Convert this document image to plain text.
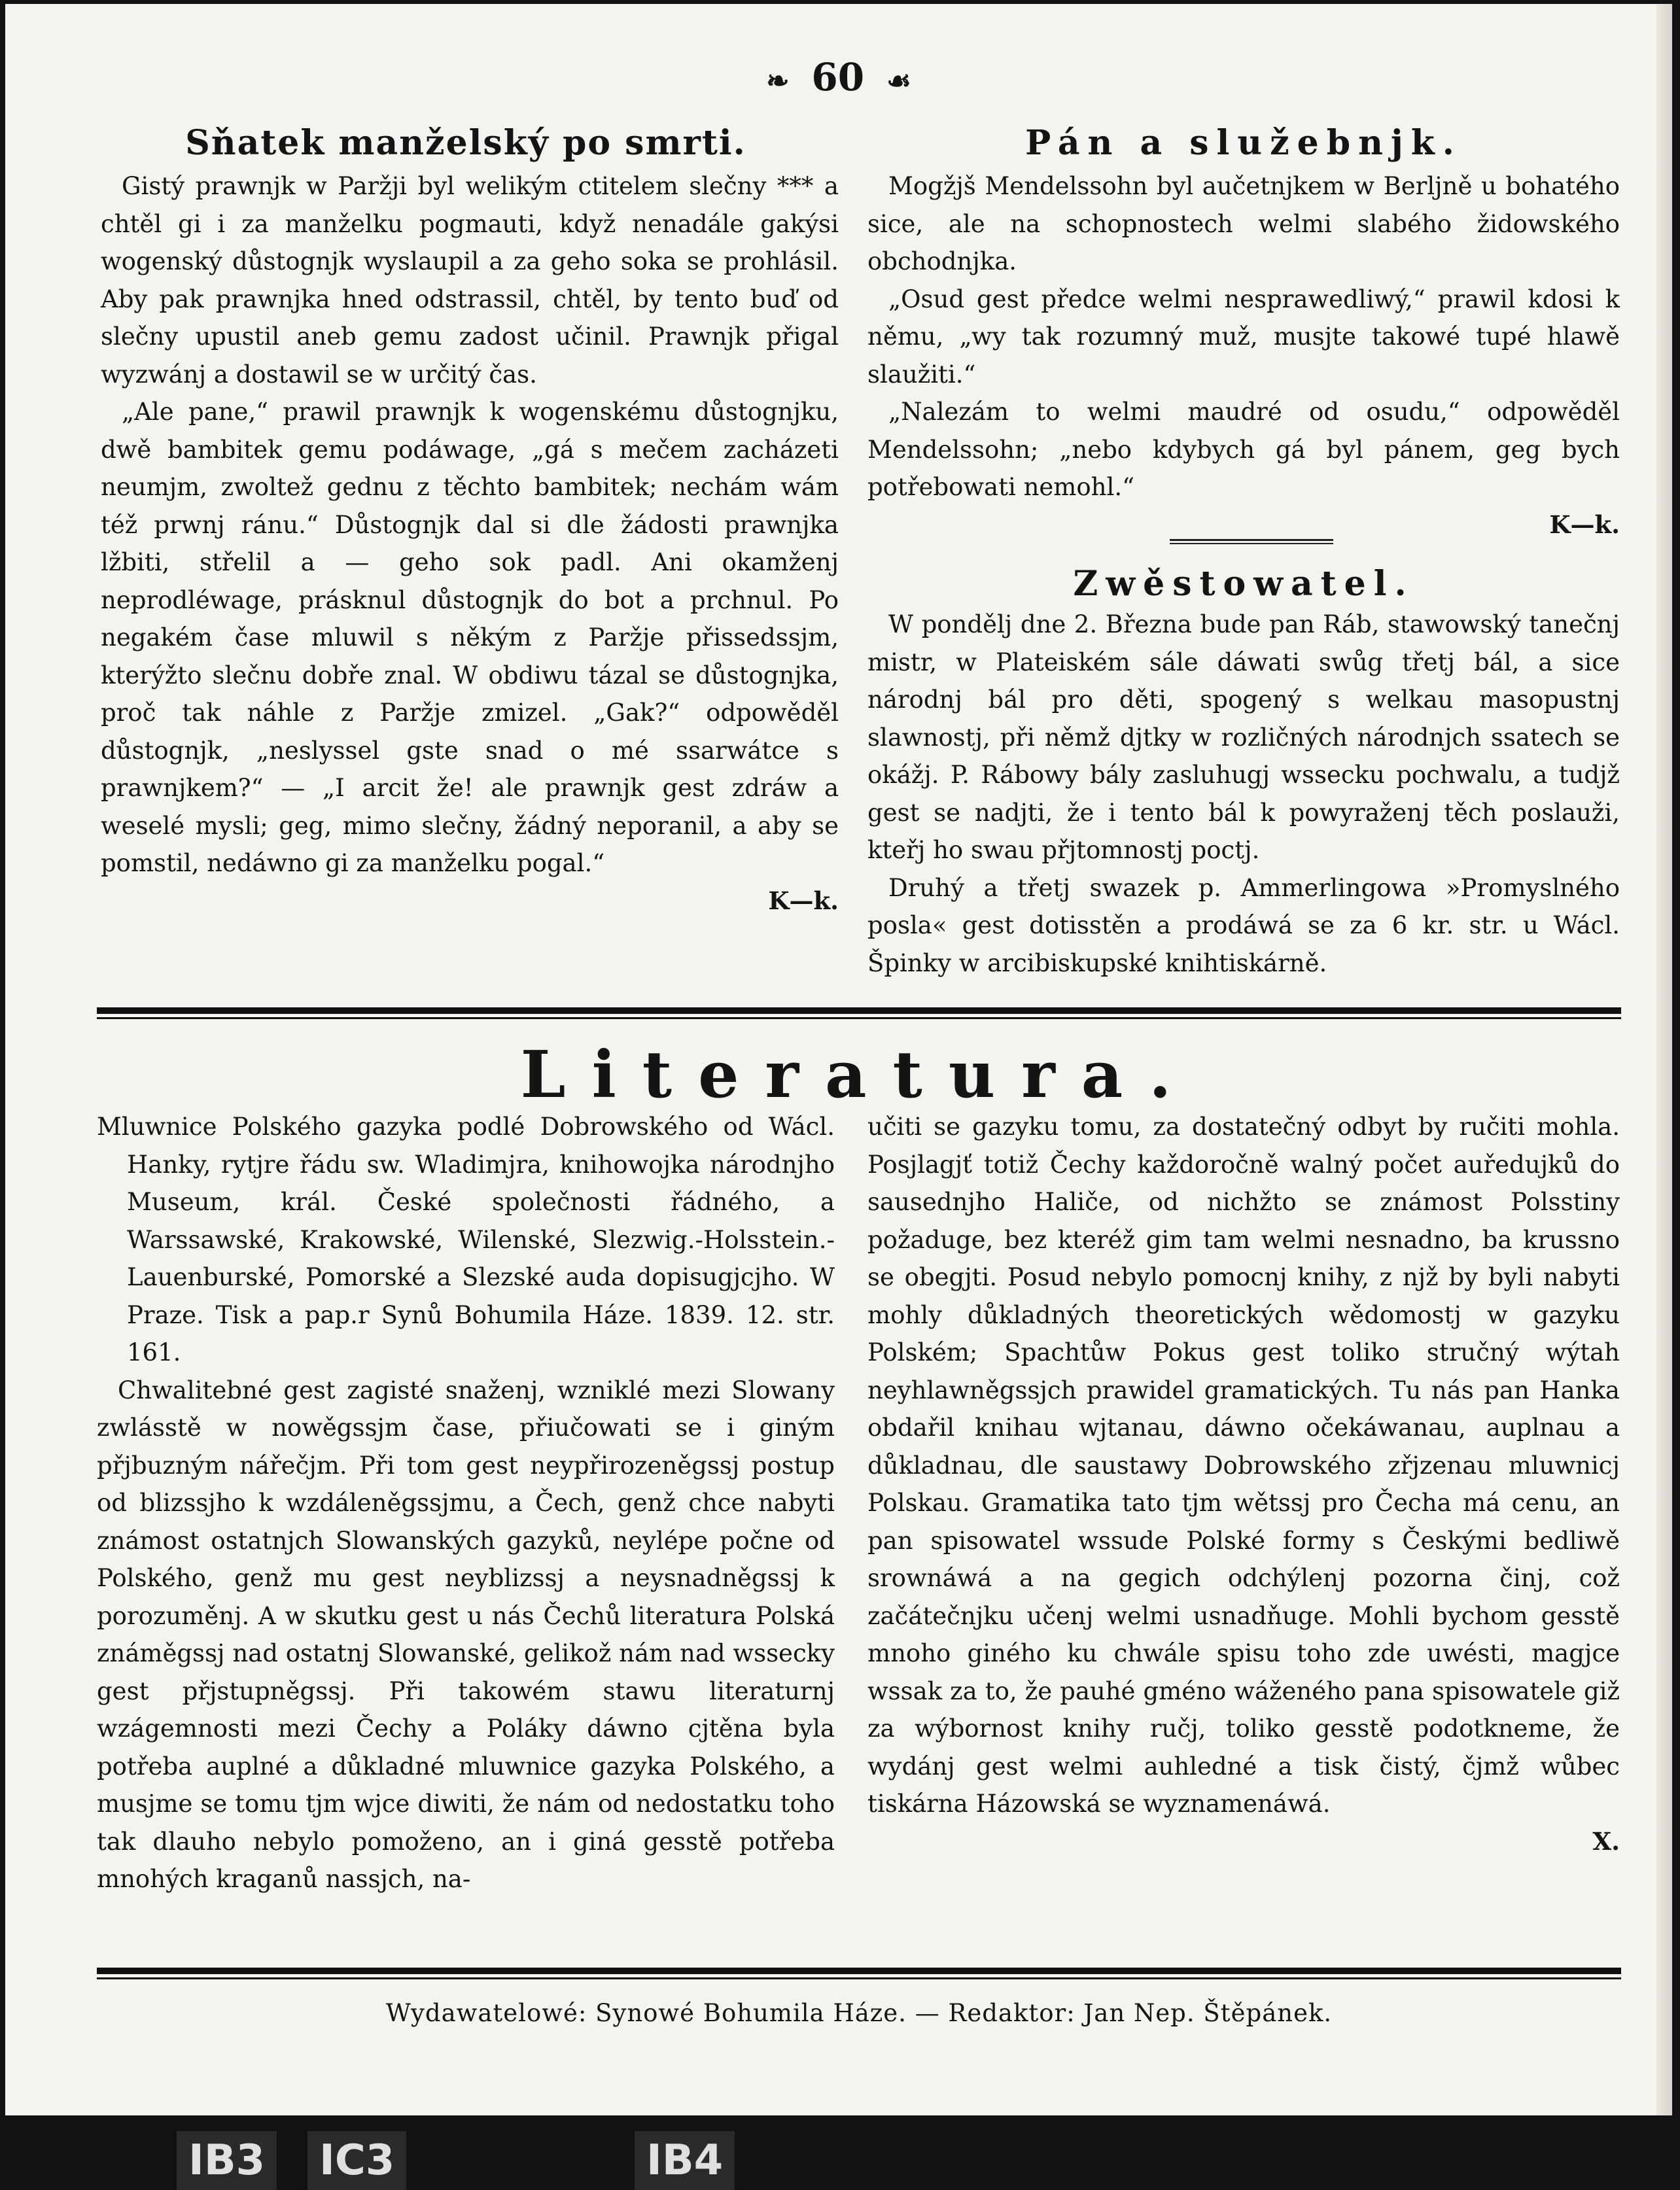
❧ 60 ☙
Sňatek manželský po smrti.

Gistý prawnjk w Paržji byl welikým ctitelem slečny *** a chtěl gi i za manželku pogmauti, když nenadále gakýsi wogenský důstognjk wyslaupil a za geho soka se prohlásil. Aby pak prawnjka hned odstrassil, chtěl, by tento buď od slečny upustil aneb gemu zadost učinil. Prawnjk přigal wyzwánj a dostawil se w určitý čas.

„Ale pane,“ prawil prawnjk k wogenskému důstognjku, dwě bambitek gemu podáwage, „gá s mečem zacházeti neumjm, zwoltež gednu z těchto bambitek; nechám wám též prwnj ránu.“ Důstognjk dal si dle žádosti prawnjka lžbiti, střelil a — geho sok padl. Ani okamženj neprodléwage, prásknul důstognjk do bot a prchnul. Po negakém čase mluwil s někým z Paržje přissedssjm, kterýžto slečnu dobře znal. W obdiwu tázal se důstognjka, proč tak náhle z Paržje zmizel. „Gak?“ odpowěděl důstognjk, „neslyssel gste snad o mé ssarwátce s prawnjkem?“ — „I arcit že! ale prawnjk gest zdráw a weselé mysli; geg, mimo slečny, žádný neporanil, a aby se pomstil, nedáwno gi za manželku pogal.“

K—k.

Pán a služebnjk.

Mogžjš Mendelssohn byl aučetnjkem w Berljně u bohatého sice, ale na schopnostech welmi slabého židowského obchodnjka.

„Osud gest předce welmi nesprawedliwý,“ prawil kdosi k němu, „wy tak rozumný muž, musjte takowé tupé hlawě slaužiti.“

„Nalezám to welmi maudré od osudu,“ odpowěděl Mendelssohn; „nebo kdybych gá byl pánem, geg bych potřebowati nemohl.“

K—k.

Zwěstowatel.

W pondělj dne 2. Března bude pan Ráb, stawowský tanečnj mistr, w Plateiském sále dáwati swůg třetj bál, a sice národnj bál pro děti, spogený s welkau masopustnj slawnostj, při němž djtky w rozličných národnjch ssatech se okážj. P. Rábowy bály zasluhugj wssecku pochwalu, a tudjž gest se nadjti, že i tento bál k powyraženj těch poslauži, kteřj ho swau přjtomnostj poctj.

Druhý a třetj swazek p. Ammerlingowa »Promyslného posla« gest dotisstěn a prodáwá se za 6 kr. str. u Wácl. Špinky w arcibiskupské knihtiskárně.

Literatura.

Mluwnice Polského gazyka podlé Dobrowského od Wácl. Hanky, rytjre řádu sw. Wladimjra, knihowojka národnjho Museum, král. České společnosti řádného, a Warssawské, Krakowské, Wilenské, Slezwig.-Holsstein.-Lauenburské, Pomorské a Slezské auda dopisugjcjho. W Praze. Tisk a pap.r Synů Bohumila Háze. 1839. 12. str. 161.

Chwalitebné gest zagisté snaženj, wzniklé mezi Slowany zwlásstě w nowěgssjm čase, přiučowati se i giným přjbuzným nářečjm. Při tom gest neypřirozeněgssj postup od blizssjho k wzdáleněgssjmu, a Čech, genž chce nabyti známost ostatnjch Slowanských gazyků, neylépe počne od Polského, genž mu gest neyblizssj a neysnadněgssj k porozuměnj. A w skutku gest u nás Čechů literatura Polská známěgssj nad ostatnj Slowanské, gelikož nám nad wssecky gest přjstupněgssj. Při takowém stawu literaturnj wzágemnosti mezi Čechy a Poláky dáwno cjtěna byla potřeba auplné a důkladné mluwnice gazyka Polského, a musjme se tomu tjm wjce diwiti, že nám od nedostatku toho tak dlauho nebylo pomoženo, an i giná gesstě potřeba mnohých kraganů nassjch, na-

učiti se gazyku tomu, za dostatečný odbyt by ručiti mohla. Posjlagjť totiž Čechy každoročně walný počet auředujků do sausednjho Haliče, od nichžto se známost Polsstiny požaduge, bez kteréž gim tam welmi nesnadno, ba krussno se obegjti. Posud nebylo pomocnj knihy, z njž by byli nabyti mohly důkladných theoretických wědomostj w gazyku Polském; Spachtůw Pokus gest toliko stručný wýtah neyhlawněgssjch prawidel gramatických. Tu nás pan Hanka obdařil knihau wjtanau, dáwno očekáwanau, auplnau a důkladnau, dle saustawy Dobrowského zřjzenau mluwnicj Polskau. Gramatika tato tjm wětssj pro Čecha má cenu, an pan spisowatel wssude Polské formy s Českými bedliwě srownáwá a na gegich odchýlenj pozorna činj, což začátečnjku učenj welmi usnadňuge. Mohli bychom gesstě mnoho giného ku chwále spisu toho zde uwésti, magjce wssak za to, že pauhé gméno wáženého pana spisowatele giž za wýbornost knihy ručj, toliko gesstě podotkneme, že wydánj gest welmi auhledné a tisk čistý, čjmž wůbec tiskárna Házowská se wyznamenáwá.

X.

Wydawatelowé: Synowé Bohumila Háze. — Redaktor: Jan Nep. Štěpánek.
IB3 IC3	IB4
